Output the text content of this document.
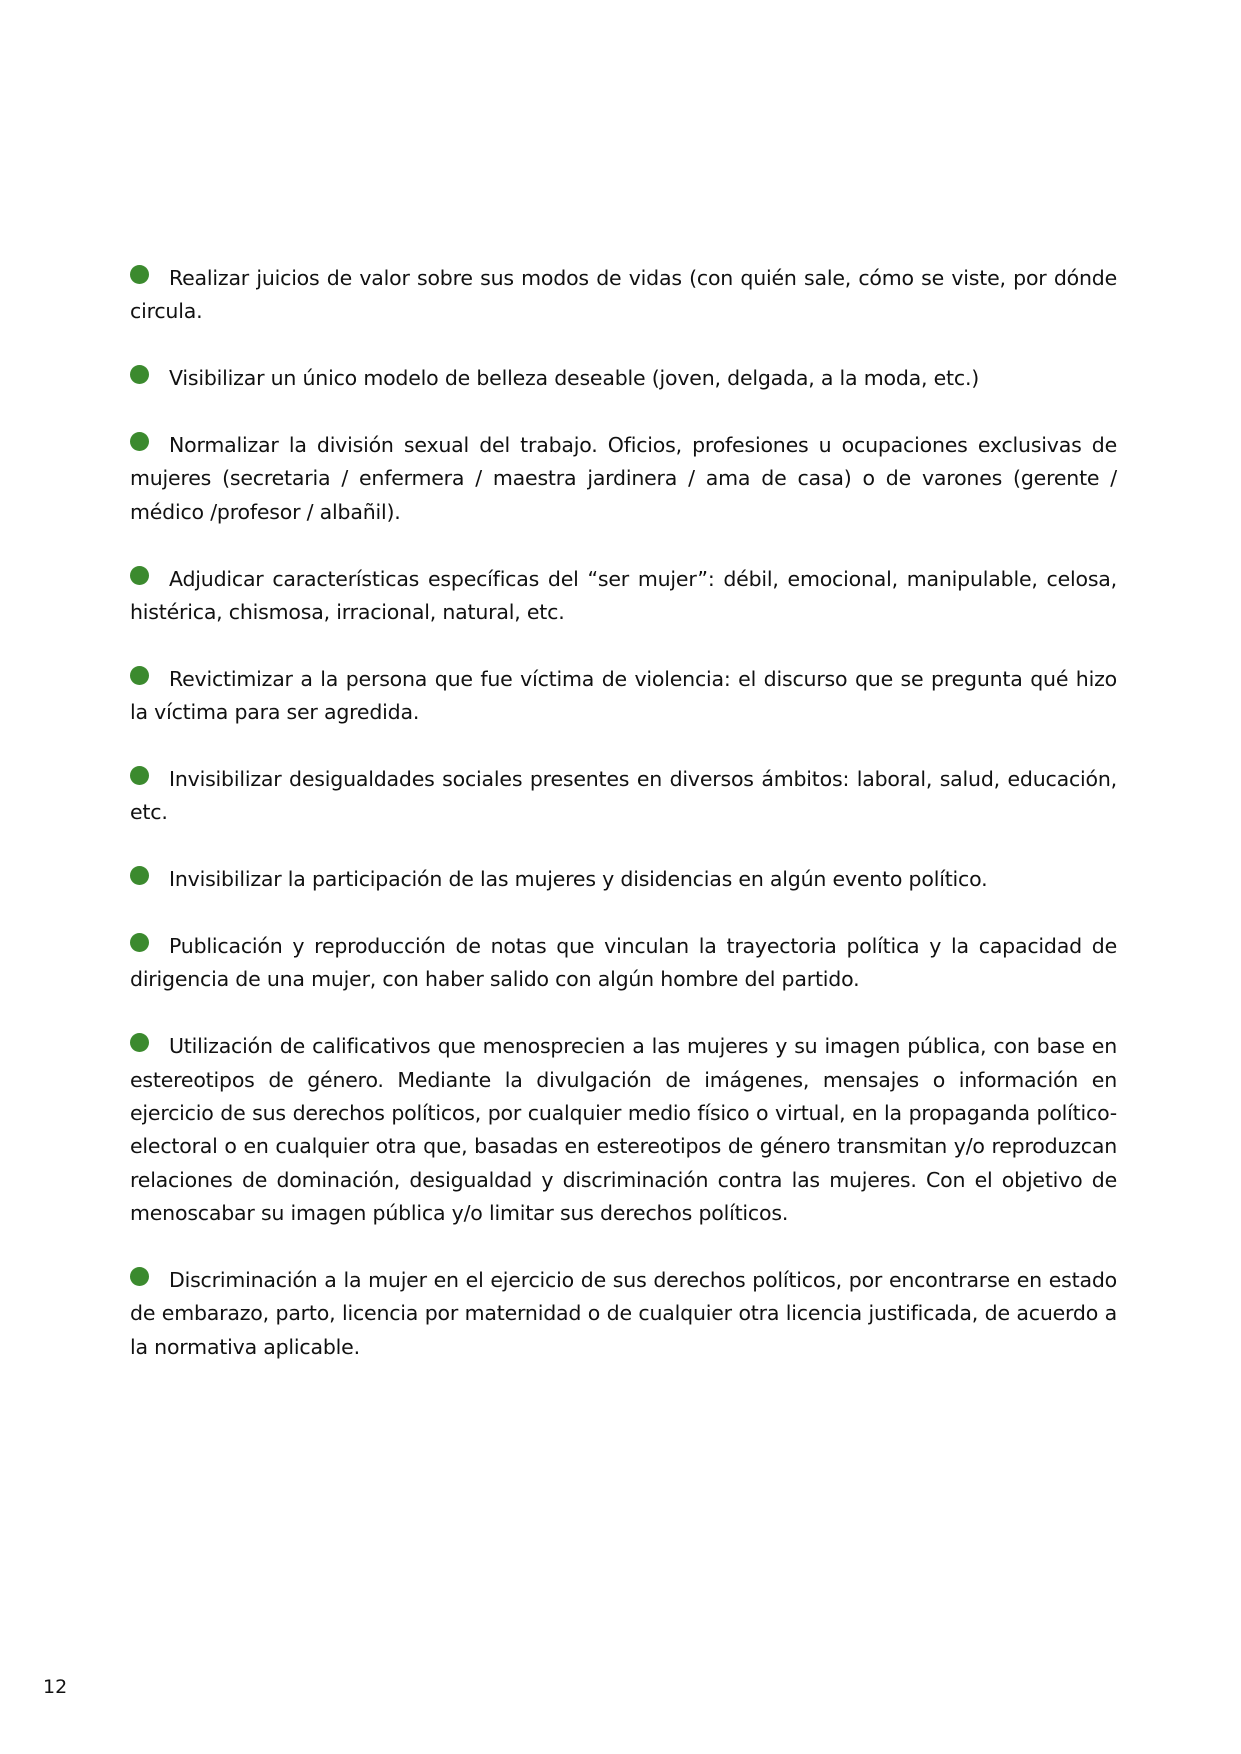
Realizar juicios de valor sobre sus modos de vidas (con quién sale, cómo se viste, por dónde circula.

Visibilizar un único modelo de belleza deseable (joven, delgada, a la moda, etc.)

Normalizar la división sexual del trabajo. Oficios, profesiones u ocupaciones exclusivas de mujeres (secretaria / enfermera / maestra jardinera / ama de casa) o de varones (gerente / médico /profesor / albañil).

Adjudicar características específicas del “ser mujer”: débil, emocional, manipulable, celosa, histérica, chismosa, irracional, natural, etc.

Revictimizar a la persona que fue víctima de violencia: el discurso que se pregunta qué hizo la víctima para ser agredida.

Invisibilizar desigualdades sociales presentes en diversos ámbitos: laboral, salud, educación, etc.

Invisibilizar la participación de las mujeres y disidencias en algún evento político.

Publicación y reproducción de notas que vinculan la trayectoria política y la capacidad de dirigencia de una mujer, con haber salido con algún hombre del partido.

Utilización de calificativos que menosprecien a las mujeres y su imagen pública, con base en estereotipos de género. Mediante la divulgación de imágenes, mensajes o información en ejercicio de sus derechos políticos, por cualquier medio físico o virtual, en la propaganda político-electoral o en cualquier otra que, basadas en estereotipos de género transmitan y/o reproduzcan relaciones de dominación, desigualdad y discriminación contra las mujeres. Con el objetivo de menoscabar su imagen pública y/o limitar sus derechos políticos.

Discriminación a la mujer en el ejercicio de sus derechos políticos, por encontrarse en estado de embarazo, parto, licencia por maternidad o de cualquier otra licencia justificada, de acuerdo a la normativa aplicable.

12
